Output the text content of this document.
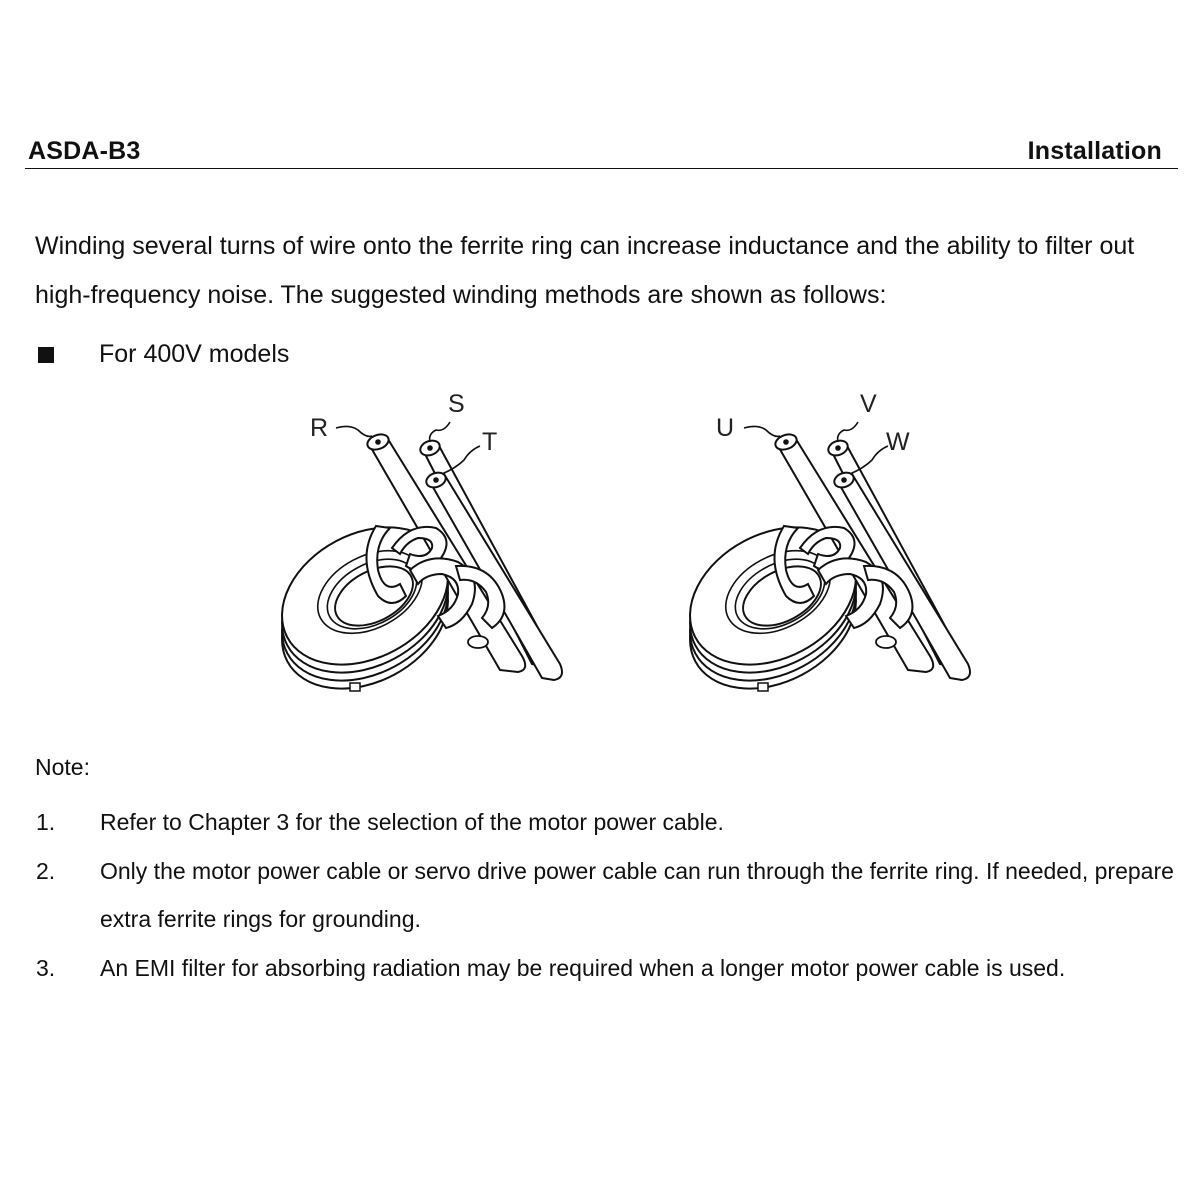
ASDA-B3	Installation

Winding several turns of wire onto the ferrite ring can increase inductance and the ability to filter out high-frequency noise. The suggested winding methods are shown as follows:

For 400V models
R
S
T	U
V
W
Note:
1. Refer to Chapter 3 for the selection of the motor power cable.
2. Only the motor power cable or servo drive power cable can run through the ferrite ring. If needed, prepare extra ferrite rings for grounding.
3. An EMI filter for absorbing radiation may be required when a longer motor power cable is used.
